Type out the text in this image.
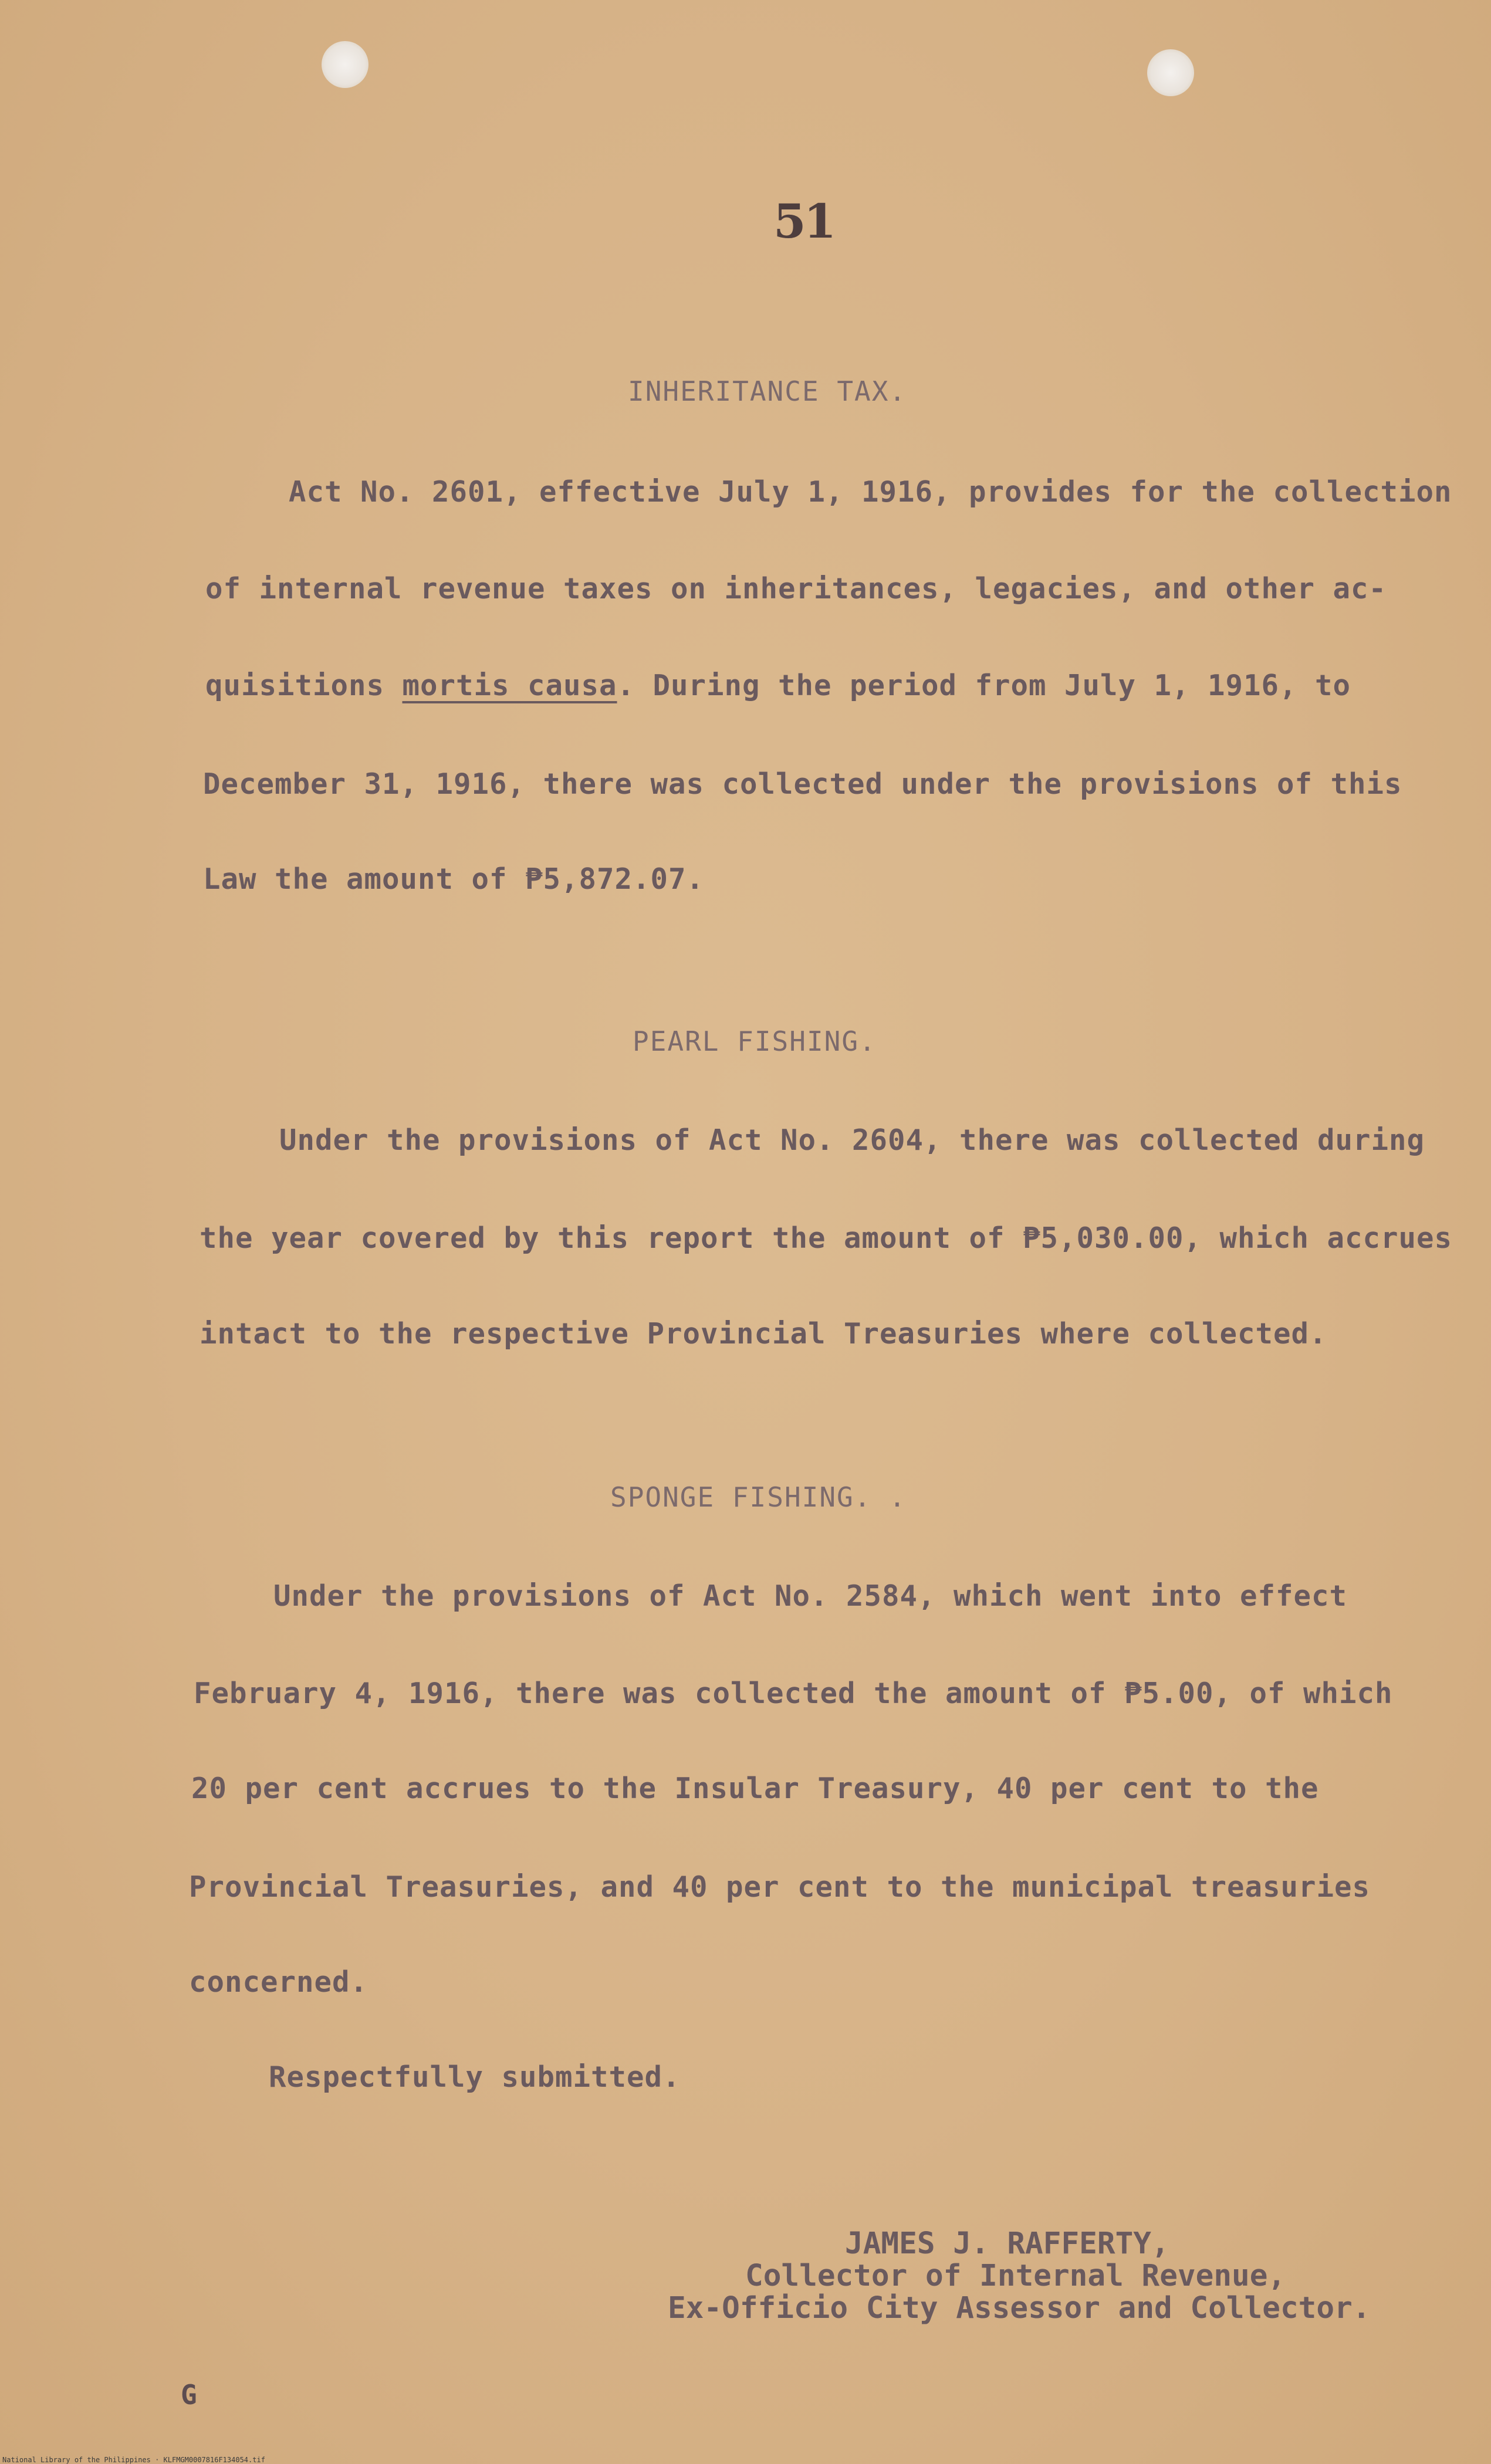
51
INHERITANCE TAX.
Act No. 2601, effective July 1, 1916, provides for the collection
of internal revenue taxes on inheritances, legacies, and other ac-
quisitions mortis causa. During the period from July 1, 1916, to
December 31, 1916, there was collected under the provisions of this
Law the amount of ₱5,872.07.
PEARL FISHING.
Under the provisions of Act No. 2604, there was collected during
the year covered by this report the amount of ₱5,030.00, which accrues
intact to the respective Provincial Treasuries where collected.
SPONGE FISHING. .
Under the provisions of Act No. 2584, which went into effect
February 4, 1916, there was collected the amount of ₱5.00, of which
20 per cent accrues to the Insular Treasury, 40 per cent to the
Provincial Treasuries, and 40 per cent to the municipal treasuries
concerned.
Respectfully submitted.
JAMES J. RAFFERTY,
Collector of Internal Revenue,
Ex-Officio City Assessor and Collector.
G
National Library of the Philippines · KLFMGM0007816F134054.tif
